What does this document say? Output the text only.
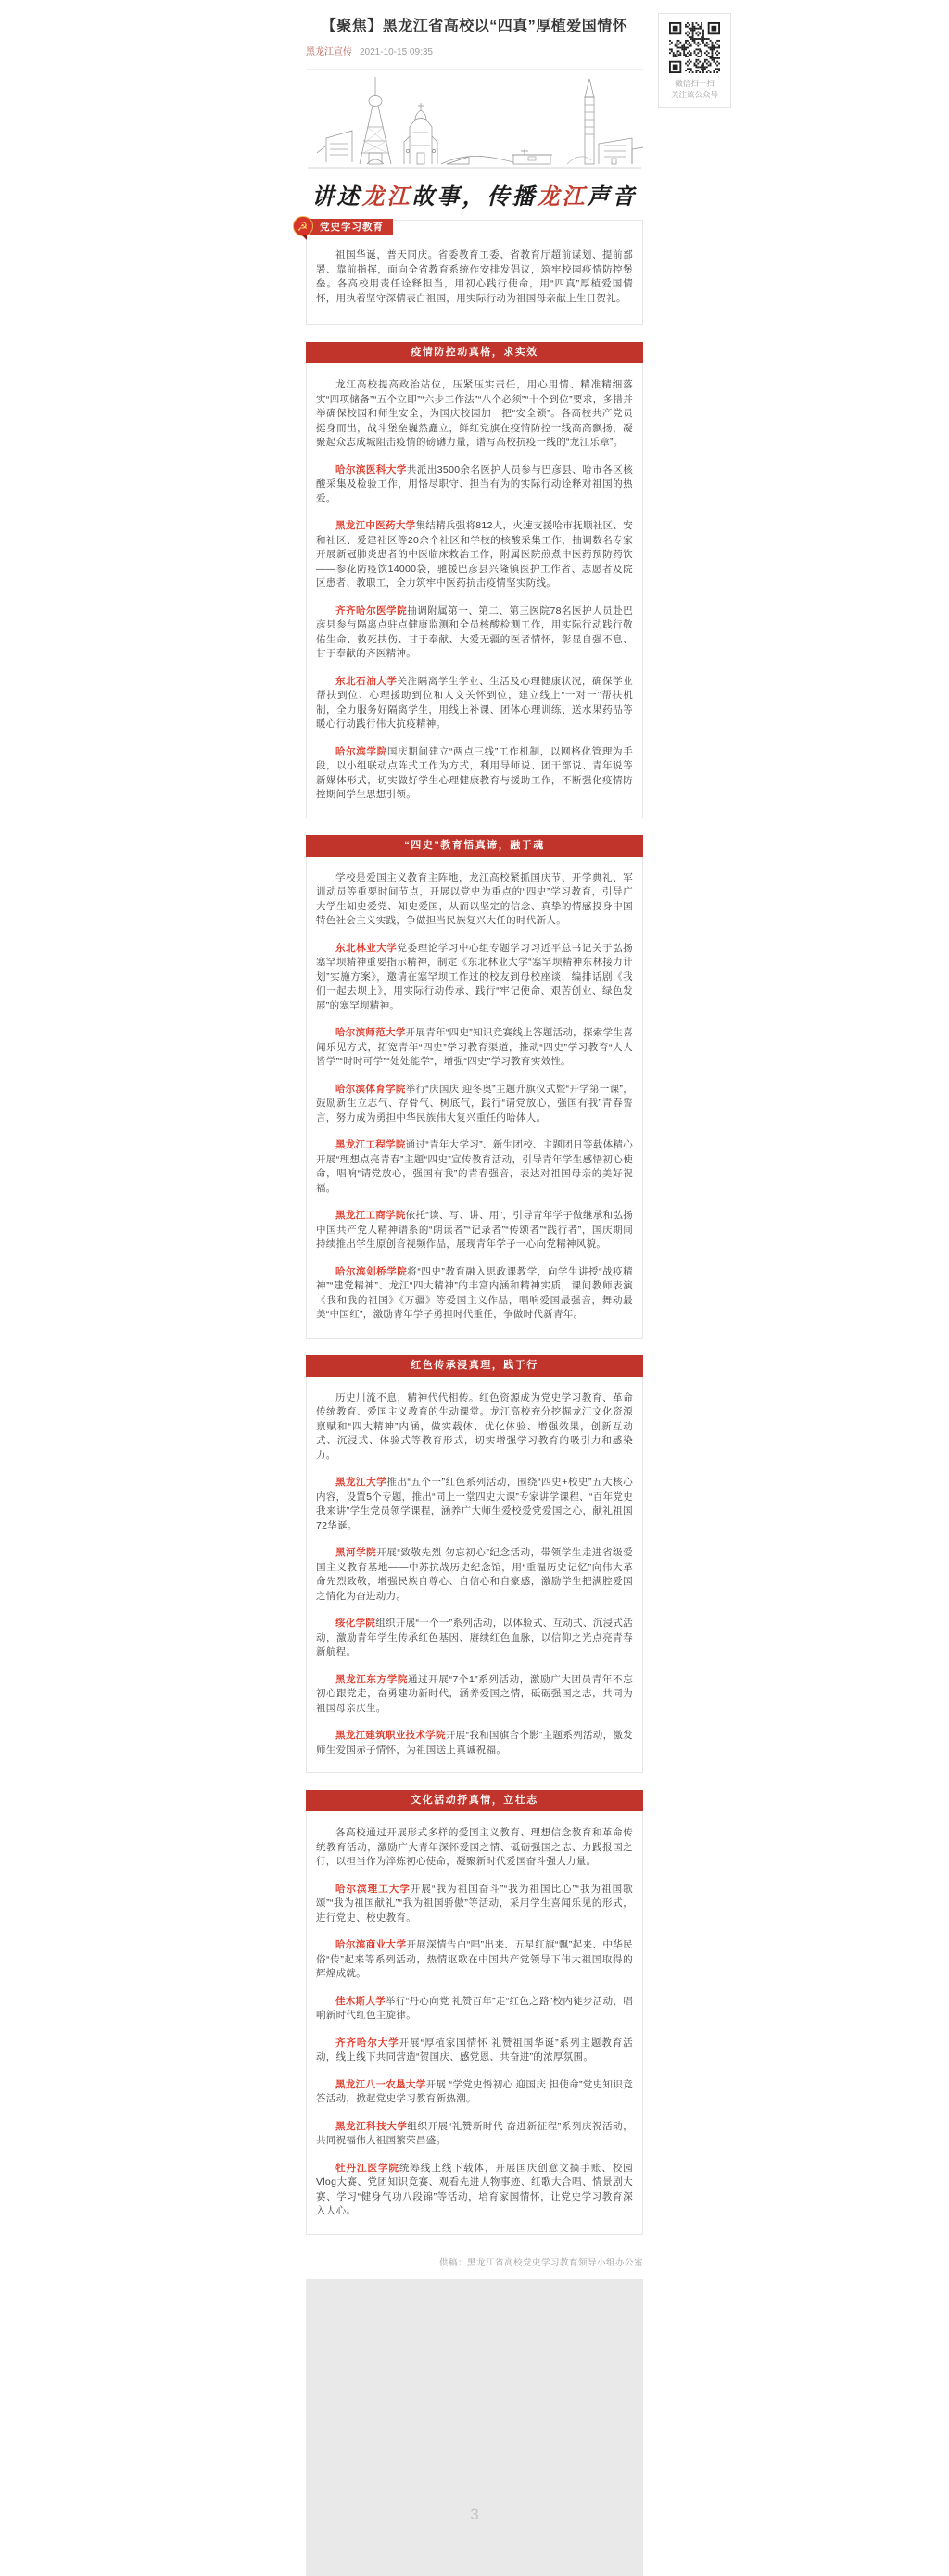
微信扫一扫
关注该公众号
【聚焦】黑龙江省高校以“四真”厚植爱国情怀
黑龙江宣传 2021-10-15 09:35
讲述龙江故事，传播龙江声音
☭	党史学习教育

祖国华诞，普天同庆。省委教育工委、省教育厅超前谋划、提前部署、靠前指挥，面向全省教育系统作安排发倡议，筑牢校园疫情防控堡垒。各高校用责任诠释担当，用初心践行使命，用“四真”厚植爱国情怀，用执着坚守深情表白祖国，用实际行动为祖国母亲献上生日贺礼。

疫情防控动真格，求实效

龙江高校提高政治站位，压紧压实责任，用心用情、精准精细落实“四项储备”“五个立即”“六步工作法”“八个必须”“十个到位”要求，多措并举确保校园和师生安全，为国庆校园加一把“安全锁”。各高校共产党员挺身而出，战斗堡垒巍然矗立，鲜红党旗在疫情防控一线高高飘扬，凝聚起众志成城阻击疫情的磅礴力量，谱写高校抗疫一线的“龙江乐章”。

哈尔滨医科大学共派出3500余名医护人员参与巴彦县、哈市各区核酸采集及检验工作，用恪尽职守、担当有为的实际行动诠释对祖国的热爱。

黑龙江中医药大学集结精兵强将812人，火速支援哈市抚顺社区、安和社区、爱建社区等20余个社区和学校的核酸采集工作，抽调数名专家开展新冠肺炎患者的中医临床救治工作，附属医院煎煮中医药预防药饮——参花防疫饮14000袋，驰援巴彦县兴隆镇医护工作者、志愿者及院区患者、教职工，全力筑牢中医药抗击疫情坚实防线。

齐齐哈尔医学院抽调附属第一、第二、第三医院78名医护人员赴巴彦县参与隔离点驻点健康监测和全员核酸检测工作，用实际行动践行敬佑生命、救死扶伤、甘于奉献、大爱无疆的医者情怀，彰显自强不息、甘于奉献的齐医精神。

东北石油大学关注隔离学生学业、生活及心理健康状况，确保学业帮扶到位、心理援助到位和人文关怀到位，建立线上“一对一”帮扶机制，全力服务好隔离学生，用线上补课、团体心理训练、送水果药品等暖心行动践行伟大抗疫精神。

哈尔滨学院国庆期间建立“两点三线”工作机制，以网格化管理为手段，以小组联动点阵式工作为方式，利用导师说、团干部说、青年说等新媒体形式，切实做好学生心理健康教育与援助工作，不断强化疫情防控期间学生思想引领。

“四史”教育悟真谛，融于魂

学校是爱国主义教育主阵地，龙江高校紧抓国庆节、开学典礼、军训动员等重要时间节点，开展以党史为重点的“四史”学习教育，引导广大学生知史爱党、知史爱国，从而以坚定的信念、真挚的情感投身中国特色社会主义实践，争做担当民族复兴大任的时代新人。

东北林业大学党委理论学习中心组专题学习习近平总书记关于弘扬塞罕坝精神重要指示精神，制定《东北林业大学“塞罕坝精神东林接力计划”实施方案》，邀请在塞罕坝工作过的校友到母校座谈，编排话剧《我们一起去坝上》，用实际行动传承、践行“牢记使命、艰苦创业、绿色发展”的塞罕坝精神。

哈尔滨师范大学开展青年“四史”知识竞赛线上答题活动，探索学生喜闻乐见方式，拓宽青年“四史”学习教育渠道，推动“四史”学习教育“人人皆学”“时时可学”“处处能学”，增强“四史”学习教育实效性。

哈尔滨体育学院举行“庆国庆 迎冬奥”主题升旗仪式暨“开学第一课”，鼓励新生立志气、存骨气、树底气，践行“请党放心，强国有我”青春誓言，努力成为勇担中华民族伟大复兴重任的哈体人。

黑龙江工程学院通过“青年大学习”、新生团校、主题团日等载体精心开展“理想点亮青春”主题“四史”宣传教育活动，引导青年学生感悟初心使命，唱响“请党放心，强国有我”的青春强音，表达对祖国母亲的美好祝福。

黑龙江工商学院依托“读、写、讲、用”，引导青年学子做继承和弘扬中国共产党人精神谱系的“朗读者”“记录者”“传颂者”“践行者”，国庆期间持续推出学生原创音视频作品，展现青年学子一心向党精神风貌。

哈尔滨剑桥学院将“四史”教育融入思政课教学，向学生讲授“战疫精神”“建党精神”、龙江“四大精神”的丰富内涵和精神实质，课间教师表演《我和我的祖国》《万疆》等爱国主义作品，唱响爱国最强音，舞动最美“中国红”，激励青年学子勇担时代重任，争做时代新青年。

红色传承浸真理，践于行

历史川流不息，精神代代相传。红色资源成为党史学习教育、革命传统教育、爱国主义教育的生动课堂。龙江高校充分挖掘龙江文化资源禀赋和“四大精神”内涵，做实载体、优化体验、增强效果，创新互动式、沉浸式、体验式等教育形式，切实增强学习教育的吸引力和感染力。

黑龙江大学推出“五个一”红色系列活动，围绕“四史+校史”五大核心内容，设置5个专题，推出“同上一堂四史大课”专家讲学课程、“百年党史我来讲”学生党员领学课程，涵养广大师生爱校爱党爱国之心，献礼祖国72华诞。

黑河学院开展“致敬先烈 勿忘初心”纪念活动，带领学生走进省级爱国主义教育基地——中苏抗战历史纪念馆，用“重温历史记忆”向伟大革命先烈致敬，增强民族自尊心、自信心和自豪感，激励学生把满腔爱国之情化为奋进动力。

绥化学院组织开展“十个一”系列活动，以体验式、互动式、沉浸式活动，激励青年学生传承红色基因、赓续红色血脉，以信仰之光点亮青春新航程。

黑龙江东方学院通过开展“7个1”系列活动，激励广大团员青年不忘初心跟党走，奋勇建功新时代，涵养爱国之情，砥砺强国之志，共同为祖国母亲庆生。

黑龙江建筑职业技术学院开展“我和国旗合个影”主题系列活动，激发师生爱国赤子情怀，为祖国送上真诚祝福。

文化活动抒真情，立壮志

各高校通过开展形式多样的爱国主义教育、理想信念教育和革命传统教育活动，激励广大青年深怀爱国之情、砥砺强国之志、力践报国之行，以担当作为淬炼初心使命，凝聚新时代爱国奋斗强大力量。

哈尔滨理工大学开展“我为祖国奋斗”“我为祖国比心”“我为祖国歌颂”“我为祖国献礼”“我为祖国骄傲”等活动，采用学生喜闻乐见的形式，进行党史、校史教育。

哈尔滨商业大学开展深情告白“唱”出来、五星红旗“飘”起来、中华民俗“传”起来等系列活动，热情讴歌在中国共产党领导下伟大祖国取得的辉煌成就。

佳木斯大学举行“丹心向党 礼赞百年”走“红色之路”校内徒步活动，唱响新时代红色主旋律。

齐齐哈尔大学开展“厚植家国情怀 礼赞祖国华诞”系列主题教育活动，线上线下共同营造“贺国庆、感党恩、共奋进”的浓厚氛围。

黑龙江八一农垦大学开展 “学党史悟初心 迎国庆 担使命”党史知识竞答活动，掀起党史学习教育新热潮。

黑龙江科技大学组织开展“礼赞新时代 奋进新征程”系列庆祝活动，共同祝福伟大祖国繁荣昌盛。

牡丹江医学院统筹线上线下载体，开展国庆创意文摘手账、校园Vlog大赛、党团知识竞赛、观看先进人物事迹、红歌大合唱、情景剧大赛、学习“健身气功八段锦”等活动，培育家国情怀，让党史学习教育深入人心。

供稿：黑龙江省高校党史学习教育领导小组办公室
3
